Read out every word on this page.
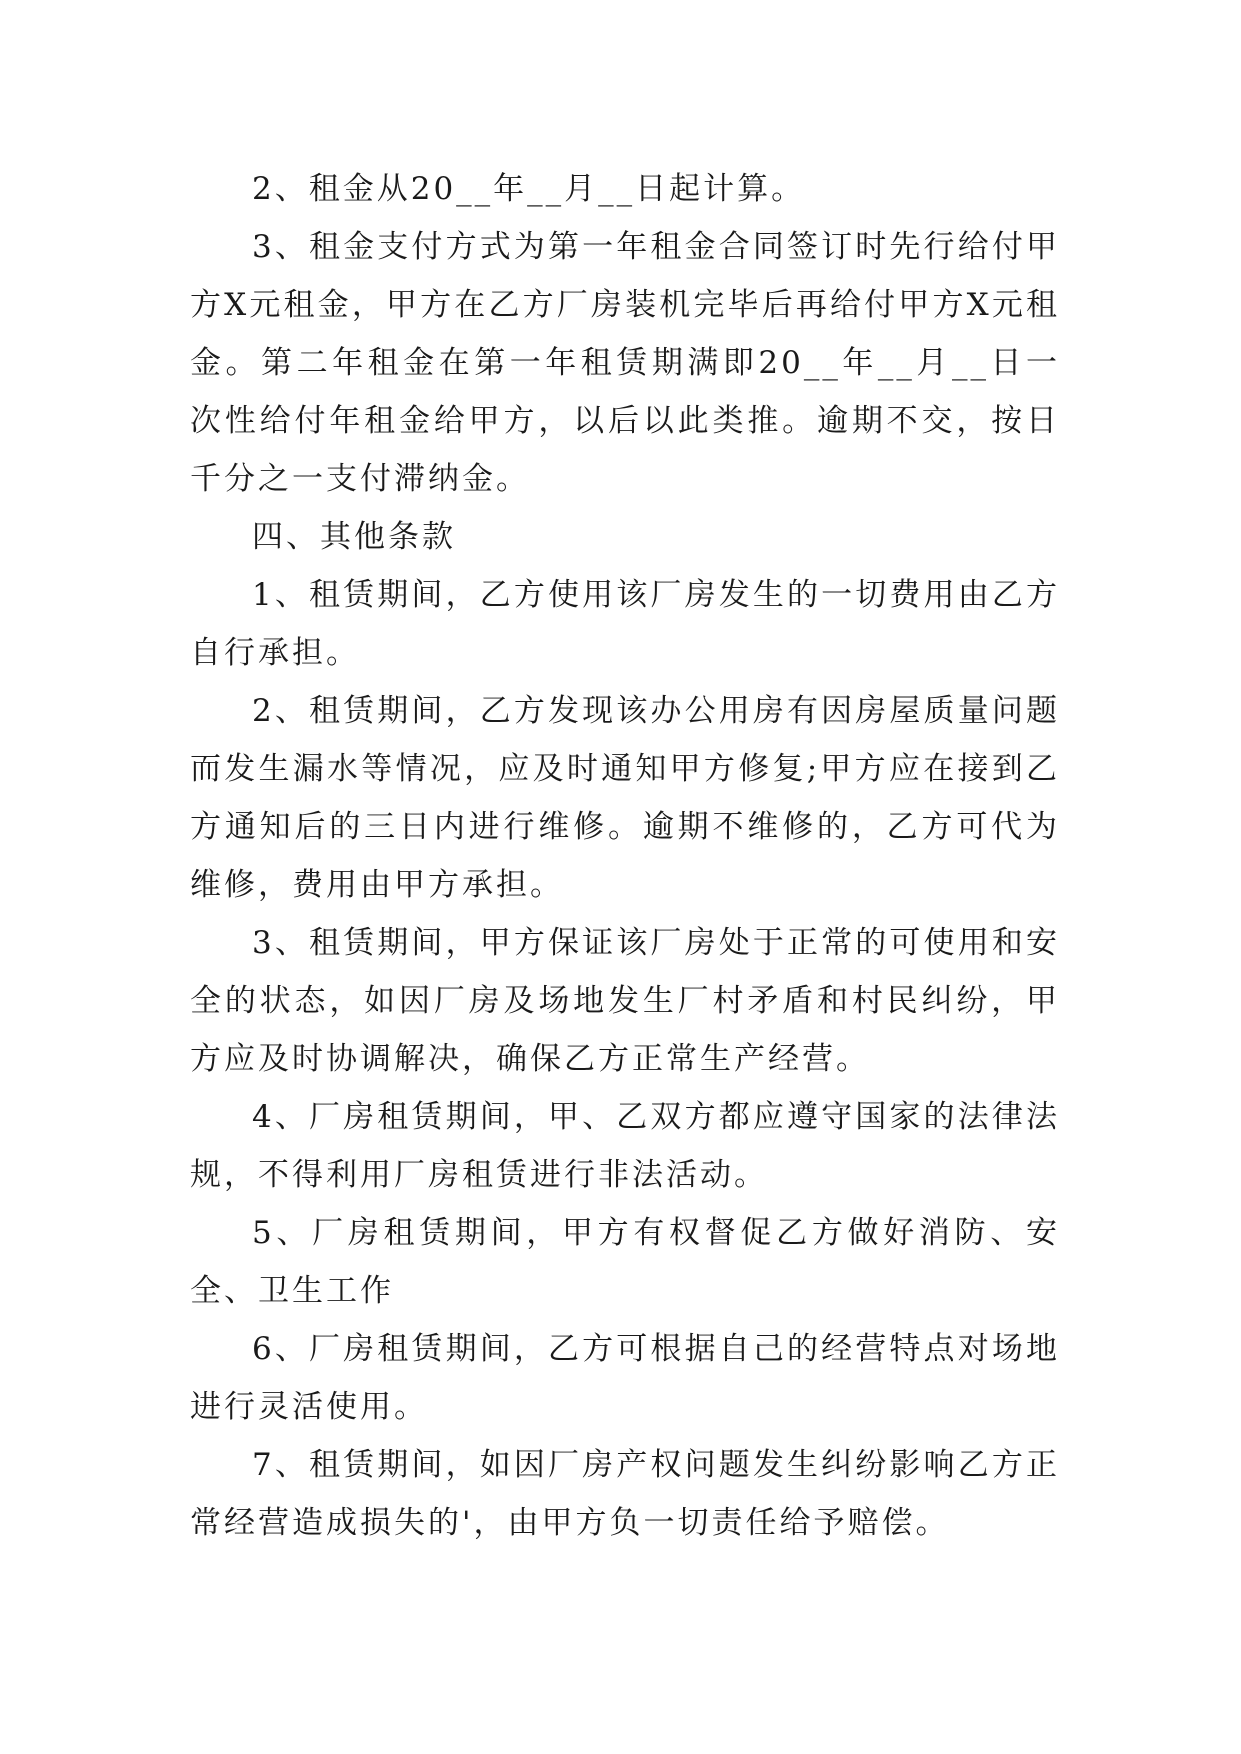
2、租金从20__年__月__日起计算。

3、租金支付方式为第一年租金合同签订时先行给付甲方X元租金，甲方在乙方厂房装机完毕后再给付甲方X元租金。第二年租金在第一年租赁期满即20__年__月__日一次性给付年租金给甲方，以后以此类推。逾期不交，按日千分之一支付滞纳金。

四、其他条款

1、租赁期间，乙方使用该厂房发生的一切费用由乙方自行承担。

2、租赁期间，乙方发现该办公用房有因房屋质量问题而发生漏水等情况，应及时通知甲方修复;甲方应在接到乙方通知后的三日内进行维修。逾期不维修的，乙方可代为维修，费用由甲方承担。

3、租赁期间，甲方保证该厂房处于正常的可使用和安全的状态，如因厂房及场地发生厂村矛盾和村民纠纷，甲方应及时协调解决，确保乙方正常生产经营。

4、厂房租赁期间，甲、乙双方都应遵守国家的法律法规，不得利用厂房租赁进行非法活动。

5、厂房租赁期间，甲方有权督促乙方做好消防、安全、卫生工作

6、厂房租赁期间，乙方可根据自己的经营特点对场地进行灵活使用。

7、租赁期间，如因厂房产权问题发生纠纷影响乙方正常经营造成损失的'，由甲方负一切责任给予赔偿。
